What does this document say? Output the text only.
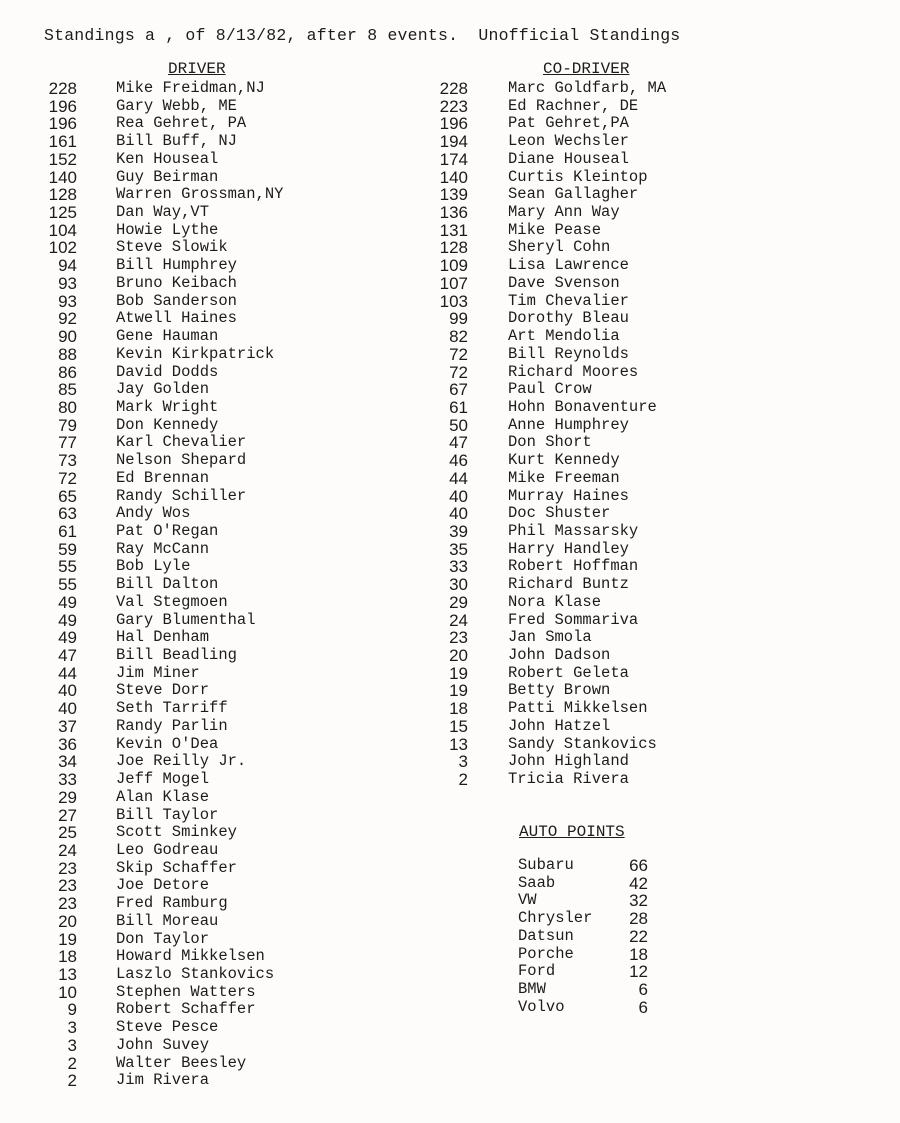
Standings a , of 8/13/82, after 8 events.  Unofficial Standings
DRIVER	CO-DRIVER
AUTO POINTS
228	Mike Freidman,NJ
196	Gary Webb, ME
196	Rea Gehret, PA
161	Bill Buff, NJ
152	Ken Houseal
140	Guy Beirman
128	Warren Grossman,NY
125	Dan Way,VT
104	Howie Lythe
102	Steve Slowik
94	Bill Humphrey
93	Bruno Keibach
93	Bob Sanderson
92	Atwell Haines
90	Gene Hauman
88	Kevin Kirkpatrick
86	David Dodds
85	Jay Golden
80	Mark Wright
79	Don Kennedy
77	Karl Chevalier
73	Nelson Shepard
72	Ed Brennan
65	Randy Schiller
63	Andy Wos
61	Pat O'Regan
59	Ray McCann
55	Bob Lyle
55	Bill Dalton
49	Val Stegmoen
49	Gary Blumenthal
49	Hal Denham
47	Bill Beadling
44	Jim Miner
40	Steve Dorr
40	Seth Tarriff
37	Randy Parlin
36	Kevin O'Dea
34	Joe Reilly Jr.
33	Jeff Mogel
29	Alan Klase
27	Bill Taylor
25	Scott Sminkey
24	Leo Godreau
23	Skip Schaffer
23	Joe Detore
23	Fred Ramburg
20	Bill Moreau
19	Don Taylor
18	Howard Mikkelsen
13	Laszlo Stankovics
10	Stephen Watters
9	Robert Schaffer
3	Steve Pesce
3	John Suvey
2	Walter Beesley
2	Jim Rivera
228	Marc Goldfarb, MA
223	Ed Rachner, DE
196	Pat Gehret,PA
194	Leon Wechsler
174	Diane Houseal
140	Curtis Kleintop
139	Sean Gallagher
136	Mary Ann Way
131	Mike Pease
128	Sheryl Cohn
109	Lisa Lawrence
107	Dave Svenson
103	Tim Chevalier
99	Dorothy Bleau
82	Art Mendolia
72	Bill Reynolds
72	Richard Moores
67	Paul Crow
61	Hohn Bonaventure
50	Anne Humphrey
47	Don Short
46	Kurt Kennedy
44	Mike Freeman
40	Murray Haines
40	Doc Shuster
39	Phil Massarsky
35	Harry Handley
33	Robert Hoffman
30	Richard Buntz
29	Nora Klase
24	Fred Sommariva
23	Jan Smola
20	John Dadson
19	Robert Geleta
19	Betty Brown
18	Patti Mikkelsen
15	John Hatzel
13	Sandy Stankovics
3	John Highland
2	Tricia Rivera
Subaru	66
Saab	42
VW	32
Chrysler	28
Datsun	22
Porche	18
Ford	12
BMW	6
Volvo	6
